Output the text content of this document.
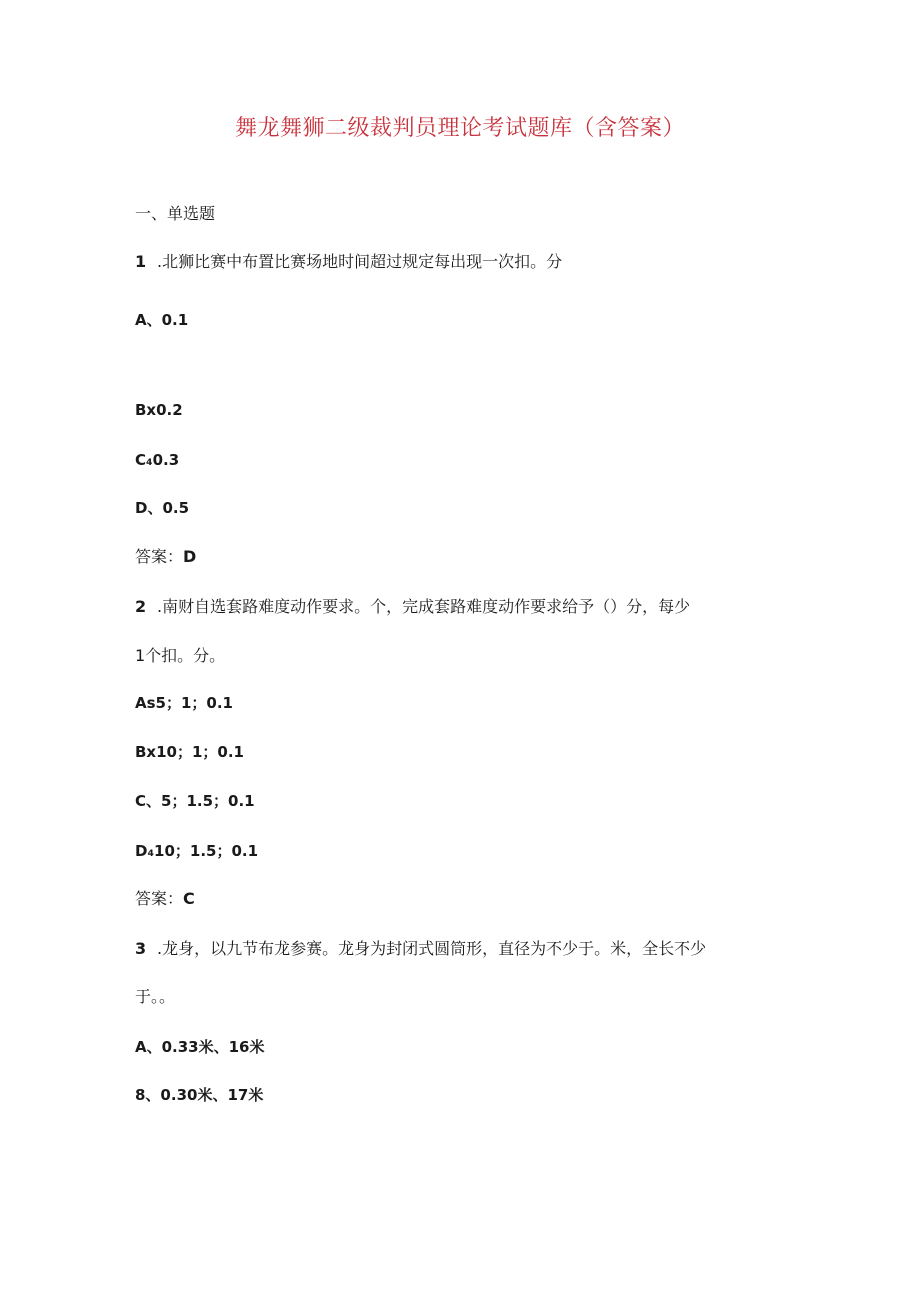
舞龙舞狮二级裁判员理论考试题库（含答案）
一、单选题
1 .北狮比赛中布置比赛场地时间超过规定每出现一次扣。分
A、0.1
Bx0.2
C₄0.3
D、0.5
答案：D
2 .南财自选套路难度动作要求。个，完成套路难度动作要求给予（）分，每少
1个扣。分。
As5；1；0.1
Bx10；1；0.1
C、5；1.5；0.1
D₄10；1.5；0.1
答案：C
3 .龙身，以九节布龙参赛。龙身为封闭式圆筒形，直径为不少于。米，全长不少
于。。
A、0.33米、16米
8、0.30米、17米
